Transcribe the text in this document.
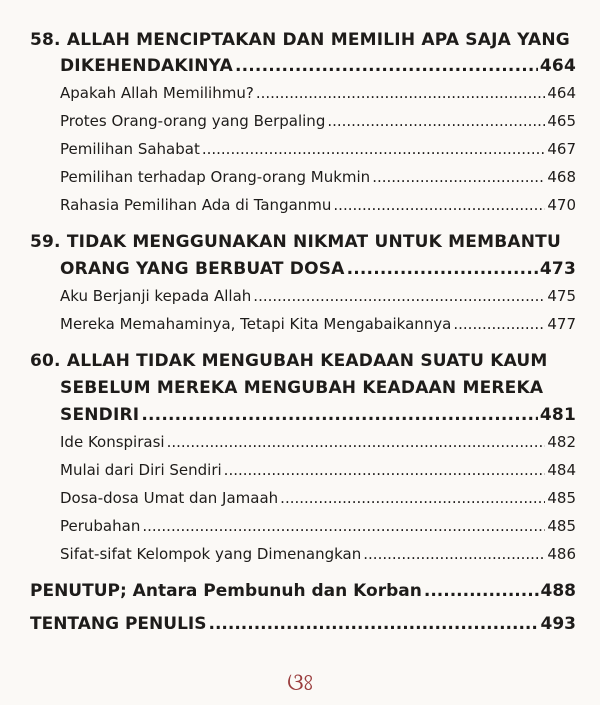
58. ALLAH MENCIPTAKAN DAN MEMILIH APA SAJA YANG
DIKEHENDAKINYA .....	464
Apakah Allah Memilihmu? .....	464
Protes Orang-orang yang Berpaling .....	465
Pemilihan Sahabat .....	467
Pemilihan terhadap Orang-orang Mukmin .....	468
Rahasia Pemilihan Ada di Tanganmu .....	470
59. TIDAK MENGGUNAKAN NIKMAT UNTUK MEMBANTU
ORANG YANG BERBUAT DOSA .....	473
Aku Berjanji kepada Allah .....	475
Mereka Memahaminya, Tetapi Kita Mengabaikannya .....	477
60. ALLAH TIDAK MENGUBAH KEADAAN SUATU KAUM
SEBELUM MEREKA MENGUBAH KEADAAN MEREKA
SENDIRI .....	481
Ide Konspirasi .....	482
Mulai dari Diri Sendiri .....	484
Dosa-dosa Umat dan Jamaah .....	485
Perubahan .....	485
Sifat-sifat Kelompok yang Dimenangkan .....	486
PENUTUP; Antara Pembunuh dan Korban .....	488
TENTANG PENULIS .....	493
ଓଃ
